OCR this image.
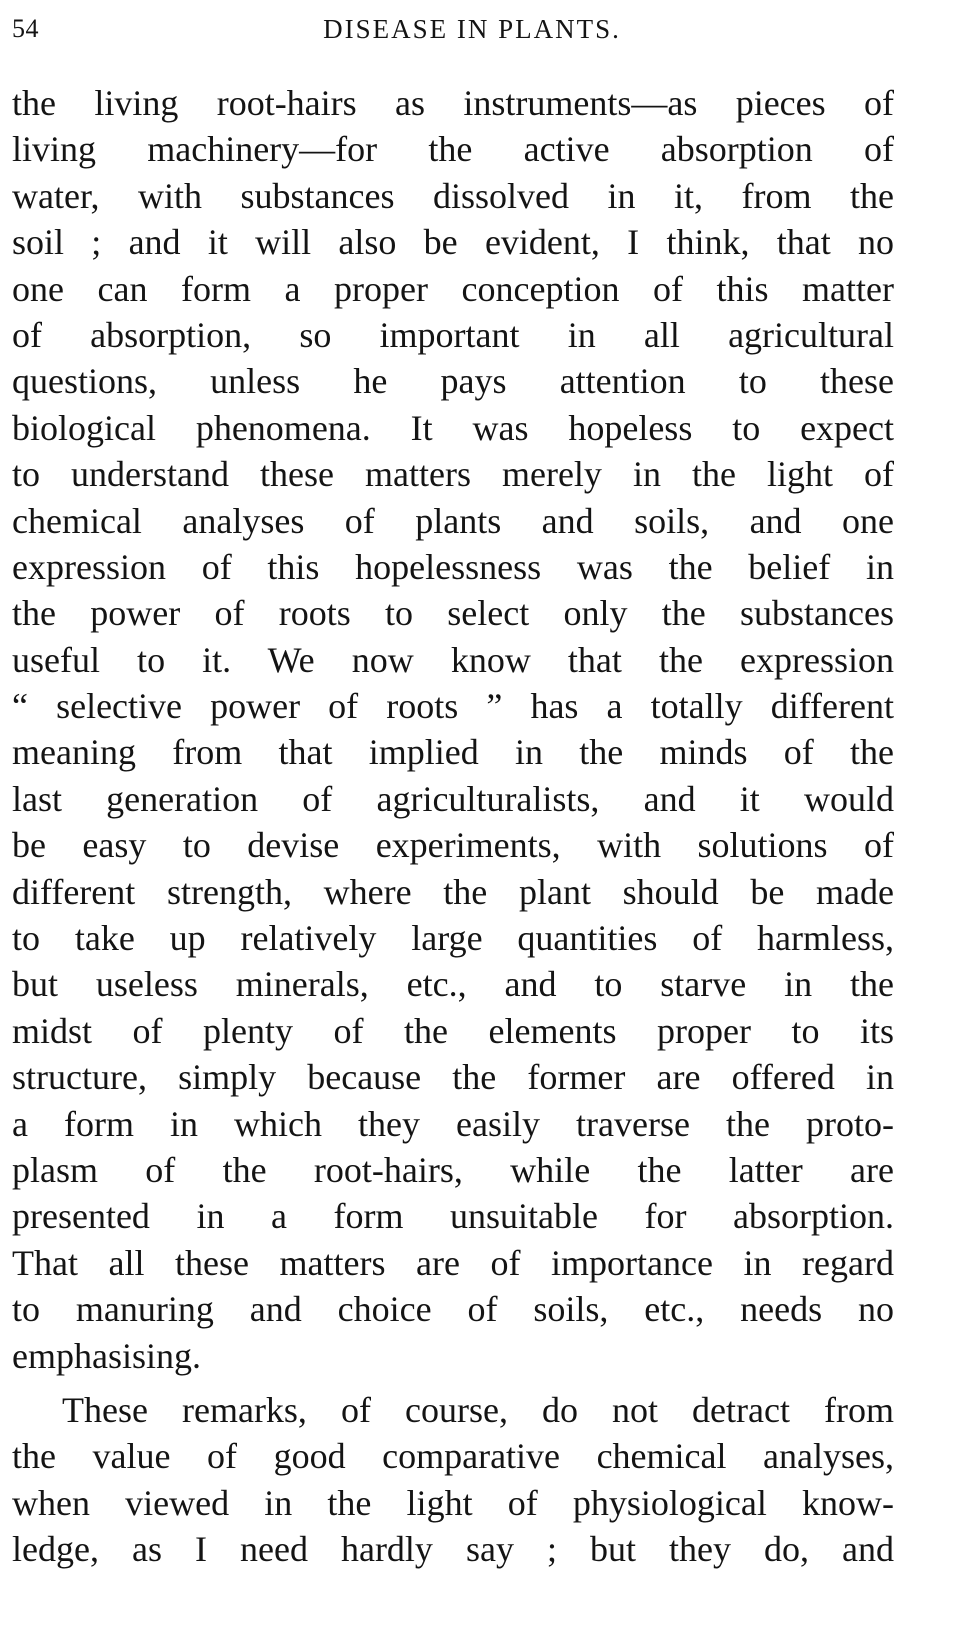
54	DISEASE IN PLANTS.
the living root-hairs as instruments—as pieces of
living machinery—for the active absorption of
water, with substances dissolved in it, from the
soil ; and it will also be evident, I think, that no
one can form a proper conception of this matter
of absorption, so important in all agricultural
questions, unless he pays attention to these
biological phenomena. It was hopeless to expect
to understand these matters merely in the light of
chemical analyses of plants and soils, and one
expression of this hopelessness was the belief in
the power of roots to select only the substances
useful to it. We now know that the expression
“ selective power of roots ” has a totally different
meaning from that implied in the minds of the
last generation of agriculturalists, and it would
be easy to devise experiments, with solutions of
different strength, where the plant should be made
to take up relatively large quantities of harmless,
but useless minerals, etc., and to starve in the
midst of plenty of the elements proper to its
structure, simply because the former are offered in
a form in which they easily traverse the proto-
plasm of the root-hairs, while the latter are
presented in a form unsuitable for absorption.
That all these matters are of importance in regard
to manuring and choice of soils, etc., needs no
emphasising.
These remarks, of course, do not detract from
the value of good comparative chemical analyses,
when viewed in the light of physiological know-
ledge, as I need hardly say ; but they do, and
